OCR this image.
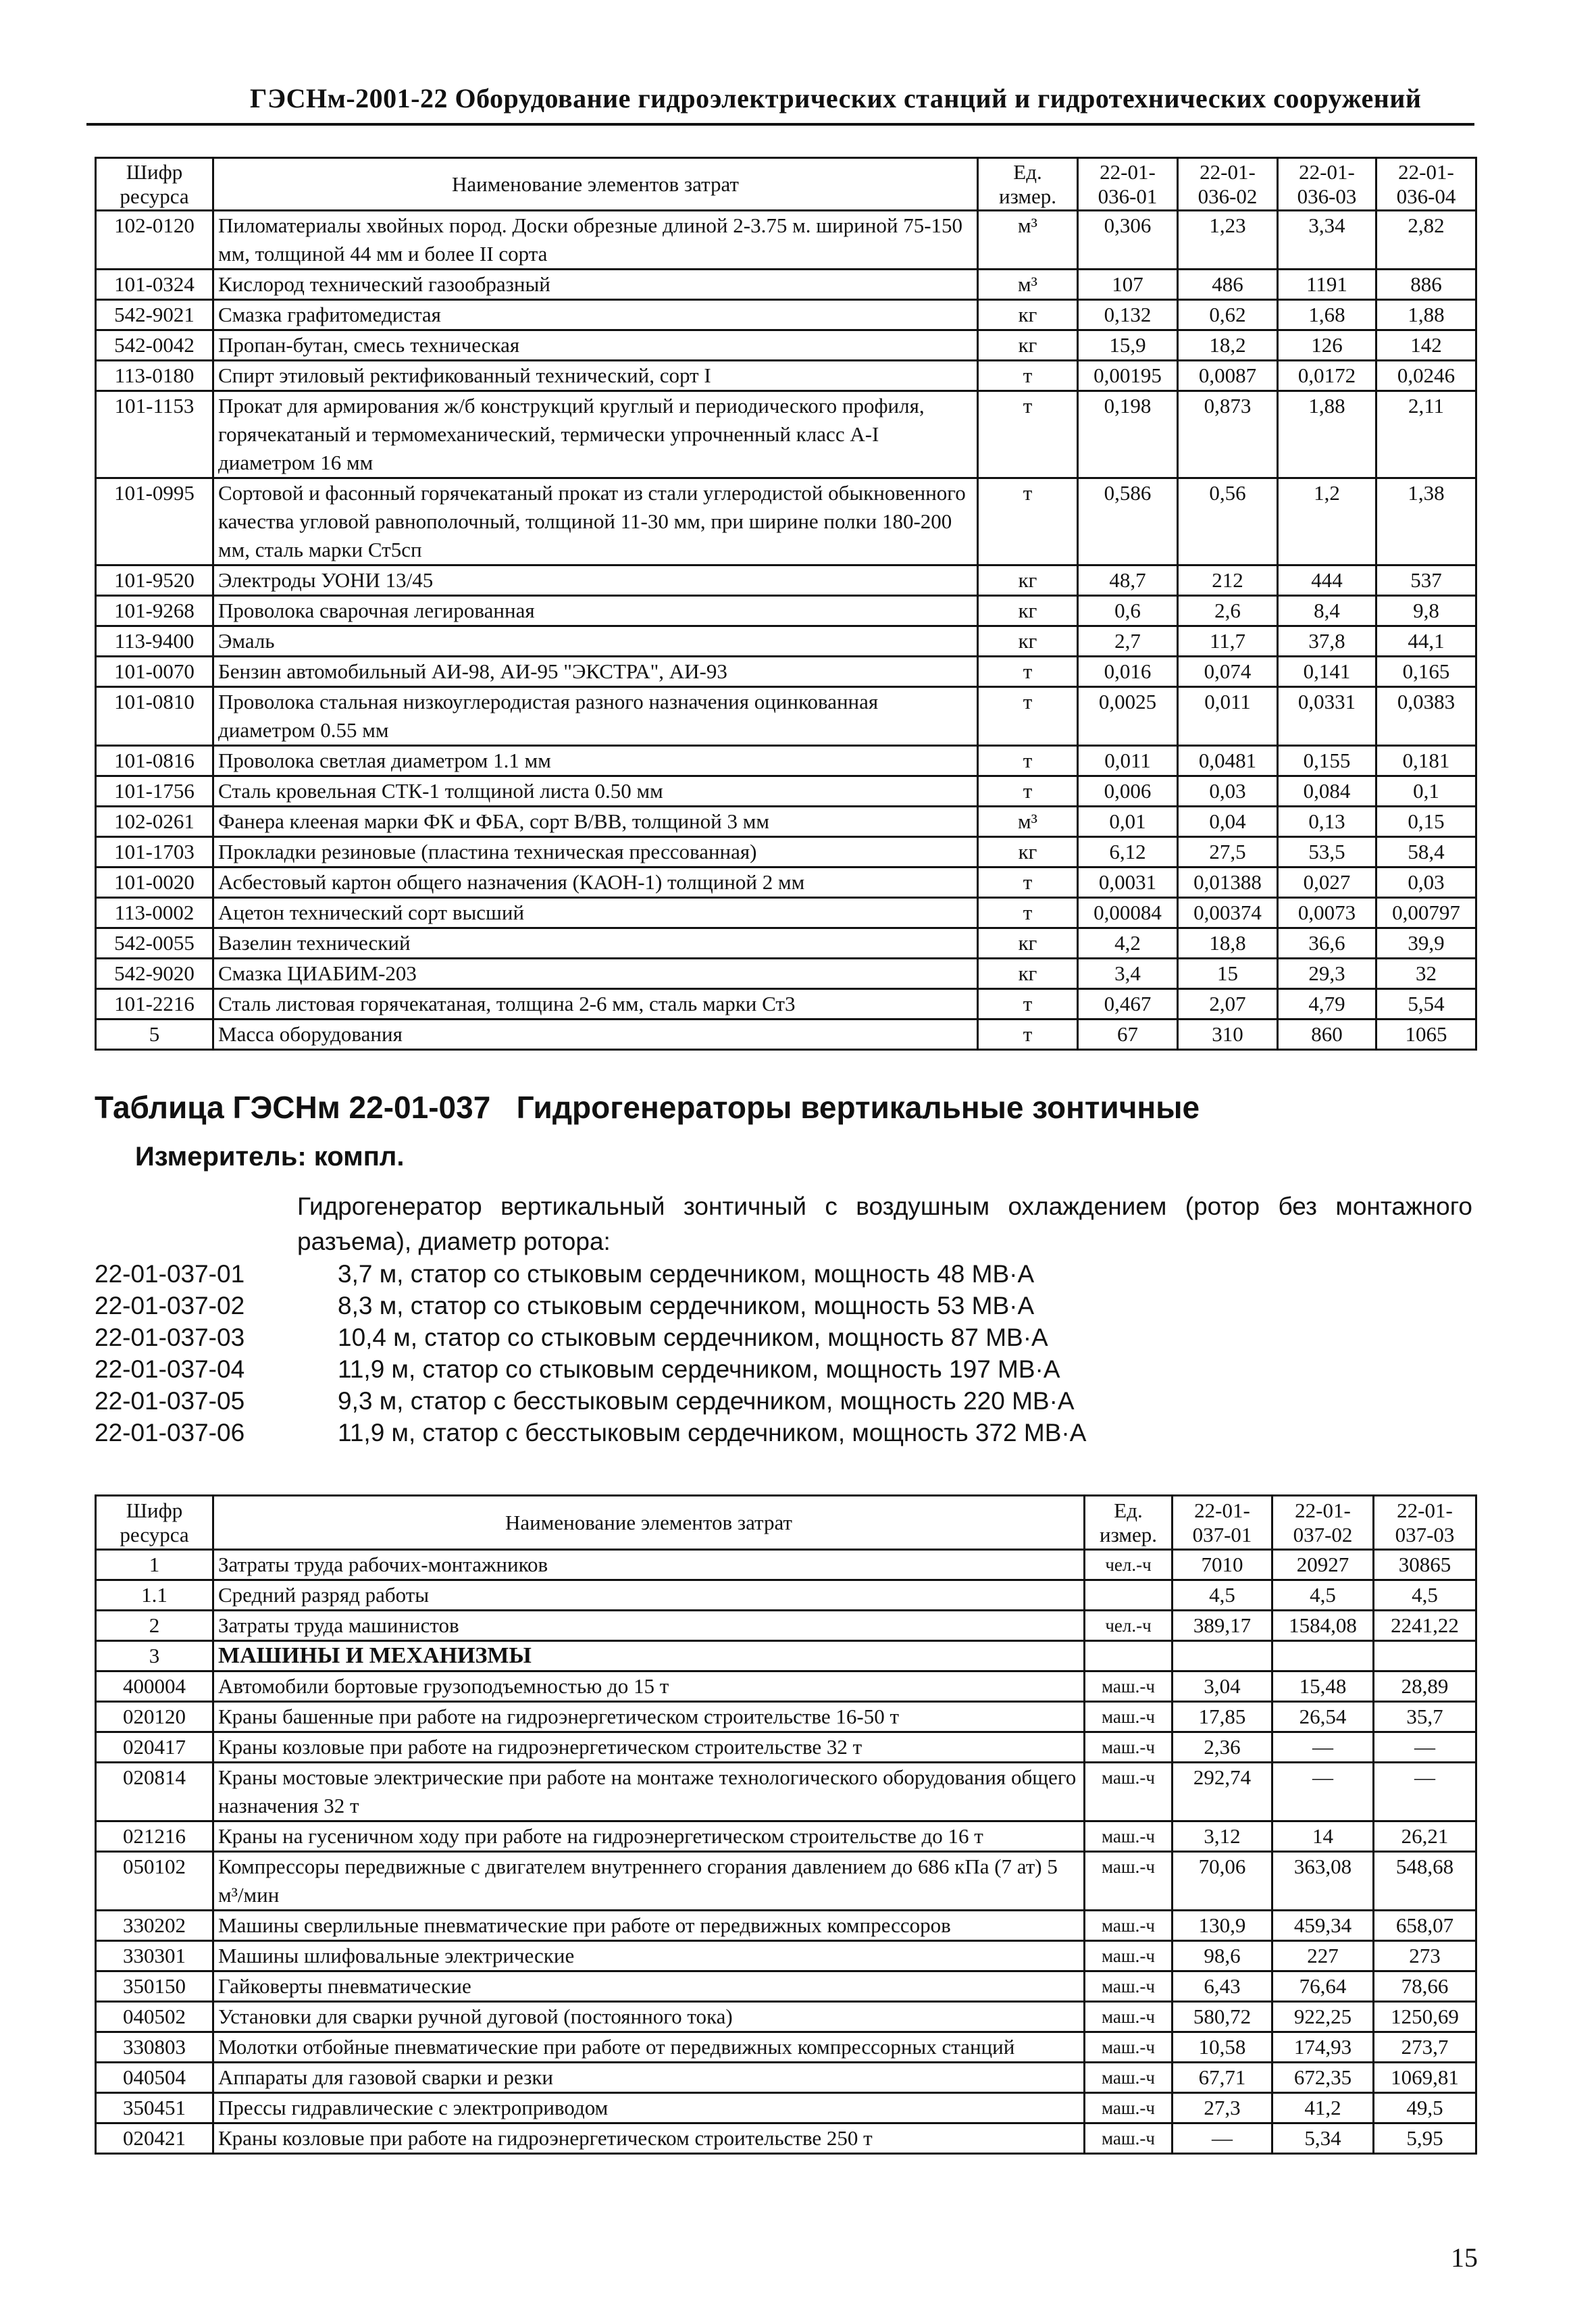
ГЭСНм-2001-22 Оборудование гидроэлектрических станций и гидротехнических сооружений
Шифр ресурса	Наименование элементов затрат	Ед. измер.	22-01-036-01	22-01-036-02	22-01-036-03	22-01-036-04
102-0120	Пиломатериалы хвойных пород. Доски обрезные длиной 2-3.75 м. шириной 75-150 мм, толщиной 44 мм и более II сорта	м³	0,306	1,23	3,34	2,82
101-0324	Кислород технический газообразный	м³	107	486	1191	886
542-9021	Смазка графитомедистая	кг	0,132	0,62	1,68	1,88
542-0042	Пропан-бутан, смесь техническая	кг	15,9	18,2	126	142
113-0180	Спирт этиловый ректификованный технический, сорт I	т	0,00195	0,0087	0,0172	0,0246
101-1153	Прокат для армирования ж/б конструкций круглый и периодического профиля, горячекатаный и термомеханический, термически упрочненный класс А-I диаметром 16 мм	т	0,198	0,873	1,88	2,11
101-0995	Сортовой и фасонный горячекатаный прокат из стали углеродистой обыкновенного качества угловой равнополочный, толщиной 11-30 мм, при ширине полки 180-200 мм, сталь марки Ст5сп	т	0,586	0,56	1,2	1,38
101-9520	Электроды УОНИ 13/45	кг	48,7	212	444	537
101-9268	Проволока сварочная легированная	кг	0,6	2,6	8,4	9,8
113-9400	Эмаль	кг	2,7	11,7	37,8	44,1
101-0070	Бензин автомобильный АИ-98, АИ-95 "ЭКСТРА", АИ-93	т	0,016	0,074	0,141	0,165
101-0810	Проволока стальная низкоуглеродистая разного назначения оцинкованная диаметром 0.55 мм	т	0,0025	0,011	0,0331	0,0383
101-0816	Проволока светлая диаметром 1.1 мм	т	0,011	0,0481	0,155	0,181
101-1756	Сталь кровельная СТК-1 толщиной листа 0.50 мм	т	0,006	0,03	0,084	0,1
102-0261	Фанера клееная марки ФК и ФБА, сорт В/ВВ, толщиной 3 мм	м³	0,01	0,04	0,13	0,15
101-1703	Прокладки резиновые (пластина техническая прессованная)	кг	6,12	27,5	53,5	58,4
101-0020	Асбестовый картон общего назначения (КАОН-1) толщиной 2 мм	т	0,0031	0,01388	0,027	0,03
113-0002	Ацетон технический сорт высший	т	0,00084	0,00374	0,0073	0,00797
542-0055	Вазелин технический	кг	4,2	18,8	36,6	39,9
542-9020	Смазка ЦИАБИМ-203	кг	3,4	15	29,3	32
101-2216	Сталь листовая горячекатаная, толщина 2-6 мм, сталь марки Ст3	т	0,467	2,07	4,79	5,54
5	Масса оборудования	т	67	310	860	1065
Таблица ГЭСНм 22-01-037   Гидрогенераторы вертикальные зонтичные
Измеритель: компл.
Гидрогенератор вертикальный зонтичный с воздушным охлаждением (ротор без монтажного разъема), диаметр ротора:
22-01-037-01	3,7 м, статор со стыковым сердечником, мощность 48 МВ·А
22-01-037-02	8,3 м, статор со стыковым сердечником, мощность 53 МВ·А
22-01-037-03	10,4 м, статор со стыковым сердечником, мощность 87 МВ·А
22-01-037-04	11,9 м, статор со стыковым сердечником, мощность 197 МВ·А
22-01-037-05	9,3 м, статор с бесстыковым сердечником, мощность 220 МВ·А
22-01-037-06	11,9 м, статор с бесстыковым сердечником, мощность 372 МВ·А
Шифр ресурса	Наименование элементов затрат	Ед. измер.	22-01-037-01	22-01-037-02	22-01-037-03
1	Затраты труда рабочих-монтажников	чел.-ч	7010	20927	30865
1.1	Средний разряд работы		4,5	4,5	4,5
2	Затраты труда машинистов	чел.-ч	389,17	1584,08	2241,22
3	МАШИНЫ И МЕХАНИЗМЫ				
400004	Автомобили бортовые грузоподъемностью до 15 т	маш.-ч	3,04	15,48	28,89
020120	Краны башенные при работе на гидроэнергетическом строительстве 16-50 т	маш.-ч	17,85	26,54	35,7
020417	Краны козловые при работе на гидроэнергетическом строительстве 32 т	маш.-ч	2,36	—	—
020814	Краны мостовые электрические при работе на монтаже технологического оборудования общего назначения 32 т	маш.-ч	292,74	—	—
021216	Краны на гусеничном ходу при работе на гидроэнергетическом строительстве до 16 т	маш.-ч	3,12	14	26,21
050102	Компрессоры передвижные с двигателем внутреннего сгорания давлением до 686 кПа (7 ат) 5 м³/мин	маш.-ч	70,06	363,08	548,68
330202	Машины сверлильные пневматические при работе от передвижных компрессоров	маш.-ч	130,9	459,34	658,07
330301	Машины шлифовальные электрические	маш.-ч	98,6	227	273
350150	Гайковерты пневматические	маш.-ч	6,43	76,64	78,66
040502	Установки для сварки ручной дуговой (постоянного тока)	маш.-ч	580,72	922,25	1250,69
330803	Молотки отбойные пневматические при работе от передвижных компрессорных станций	маш.-ч	10,58	174,93	273,7
040504	Аппараты для газовой сварки и резки	маш.-ч	67,71	672,35	1069,81
350451	Прессы гидравлические с электроприводом	маш.-ч	27,3	41,2	49,5
020421	Краны козловые при работе на гидроэнергетическом строительстве 250 т	маш.-ч	—	5,34	5,95
15
